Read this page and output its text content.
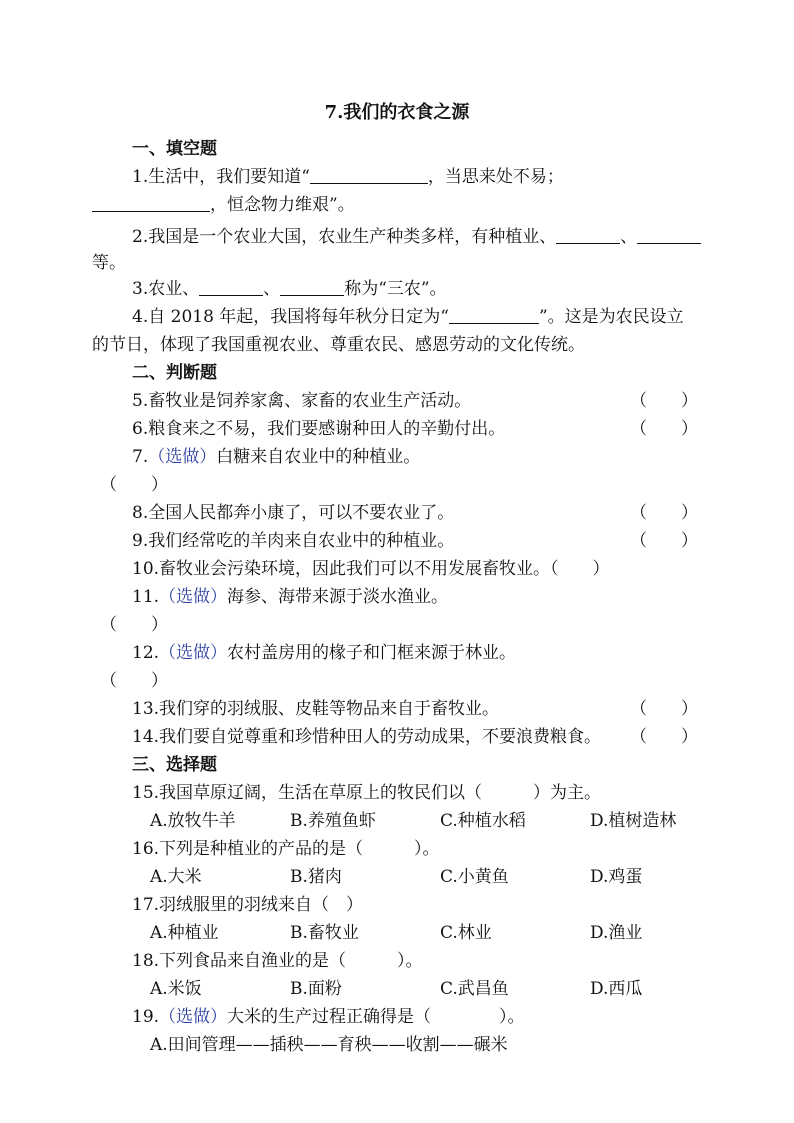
7.我们的衣食之源
一、填空题
1.生活中，我们要知道“	，当思来处不易；
，恒念物力维艰”。
2.我国是一个农业大国，农业生产种类多样，有种植业、	、
等。
3.农业、	、	称为“三农”。
4.自 2018 年起，我国将每年秋分日定为“	”。这是为农民设立
的节日，体现了我国重视农业、尊重农民、感恩劳动的文化传统。
二、判断题
5.畜牧业是饲养家禽、家畜的农业生产活动。	（　　）
6.粮食来之不易，我们要感谢种田人的辛勤付出。	（　　）
7.（选做）白糖来自农业中的种植业。
（　　）
8.全国人民都奔小康了，可以不要农业了。	（　　）
9.我们经常吃的羊肉来自农业中的种植业。	（　　）
10.畜牧业会污染环境，因此我们可以不用发展畜牧业。（　　）
11.（选做）海参、海带来源于淡水渔业。
（　　）
12.（选做）农村盖房用的椽子和门框来源于林业。
（　　）
13.我们穿的羽绒服、皮鞋等物品来自于畜牧业。	（　　）
14.我们要自觉尊重和珍惜种田人的劳动成果，不要浪费粮食。 （　　）
三、选择题
15.我国草原辽阔，生活在草原上的牧民们以（　　　）为主。
A.放牧牛羊	B.养殖鱼虾	C.种植水稻	D.植树造林
16.下列是种植业的产品的是（　　　）。
A.大米	B.猪肉	C.小黄鱼	D.鸡蛋
17.羽绒服里的羽绒来自（　）
A.种植业	B.畜牧业	C.林业	D.渔业
18.下列食品来自渔业的是（　　　）。
A.米饭	B.面粉	C.武昌鱼	D.西瓜
19.（选做）大米的生产过程正确得是（　　　　）。
A.田间管理——插秧——育秧——收割——碾米
